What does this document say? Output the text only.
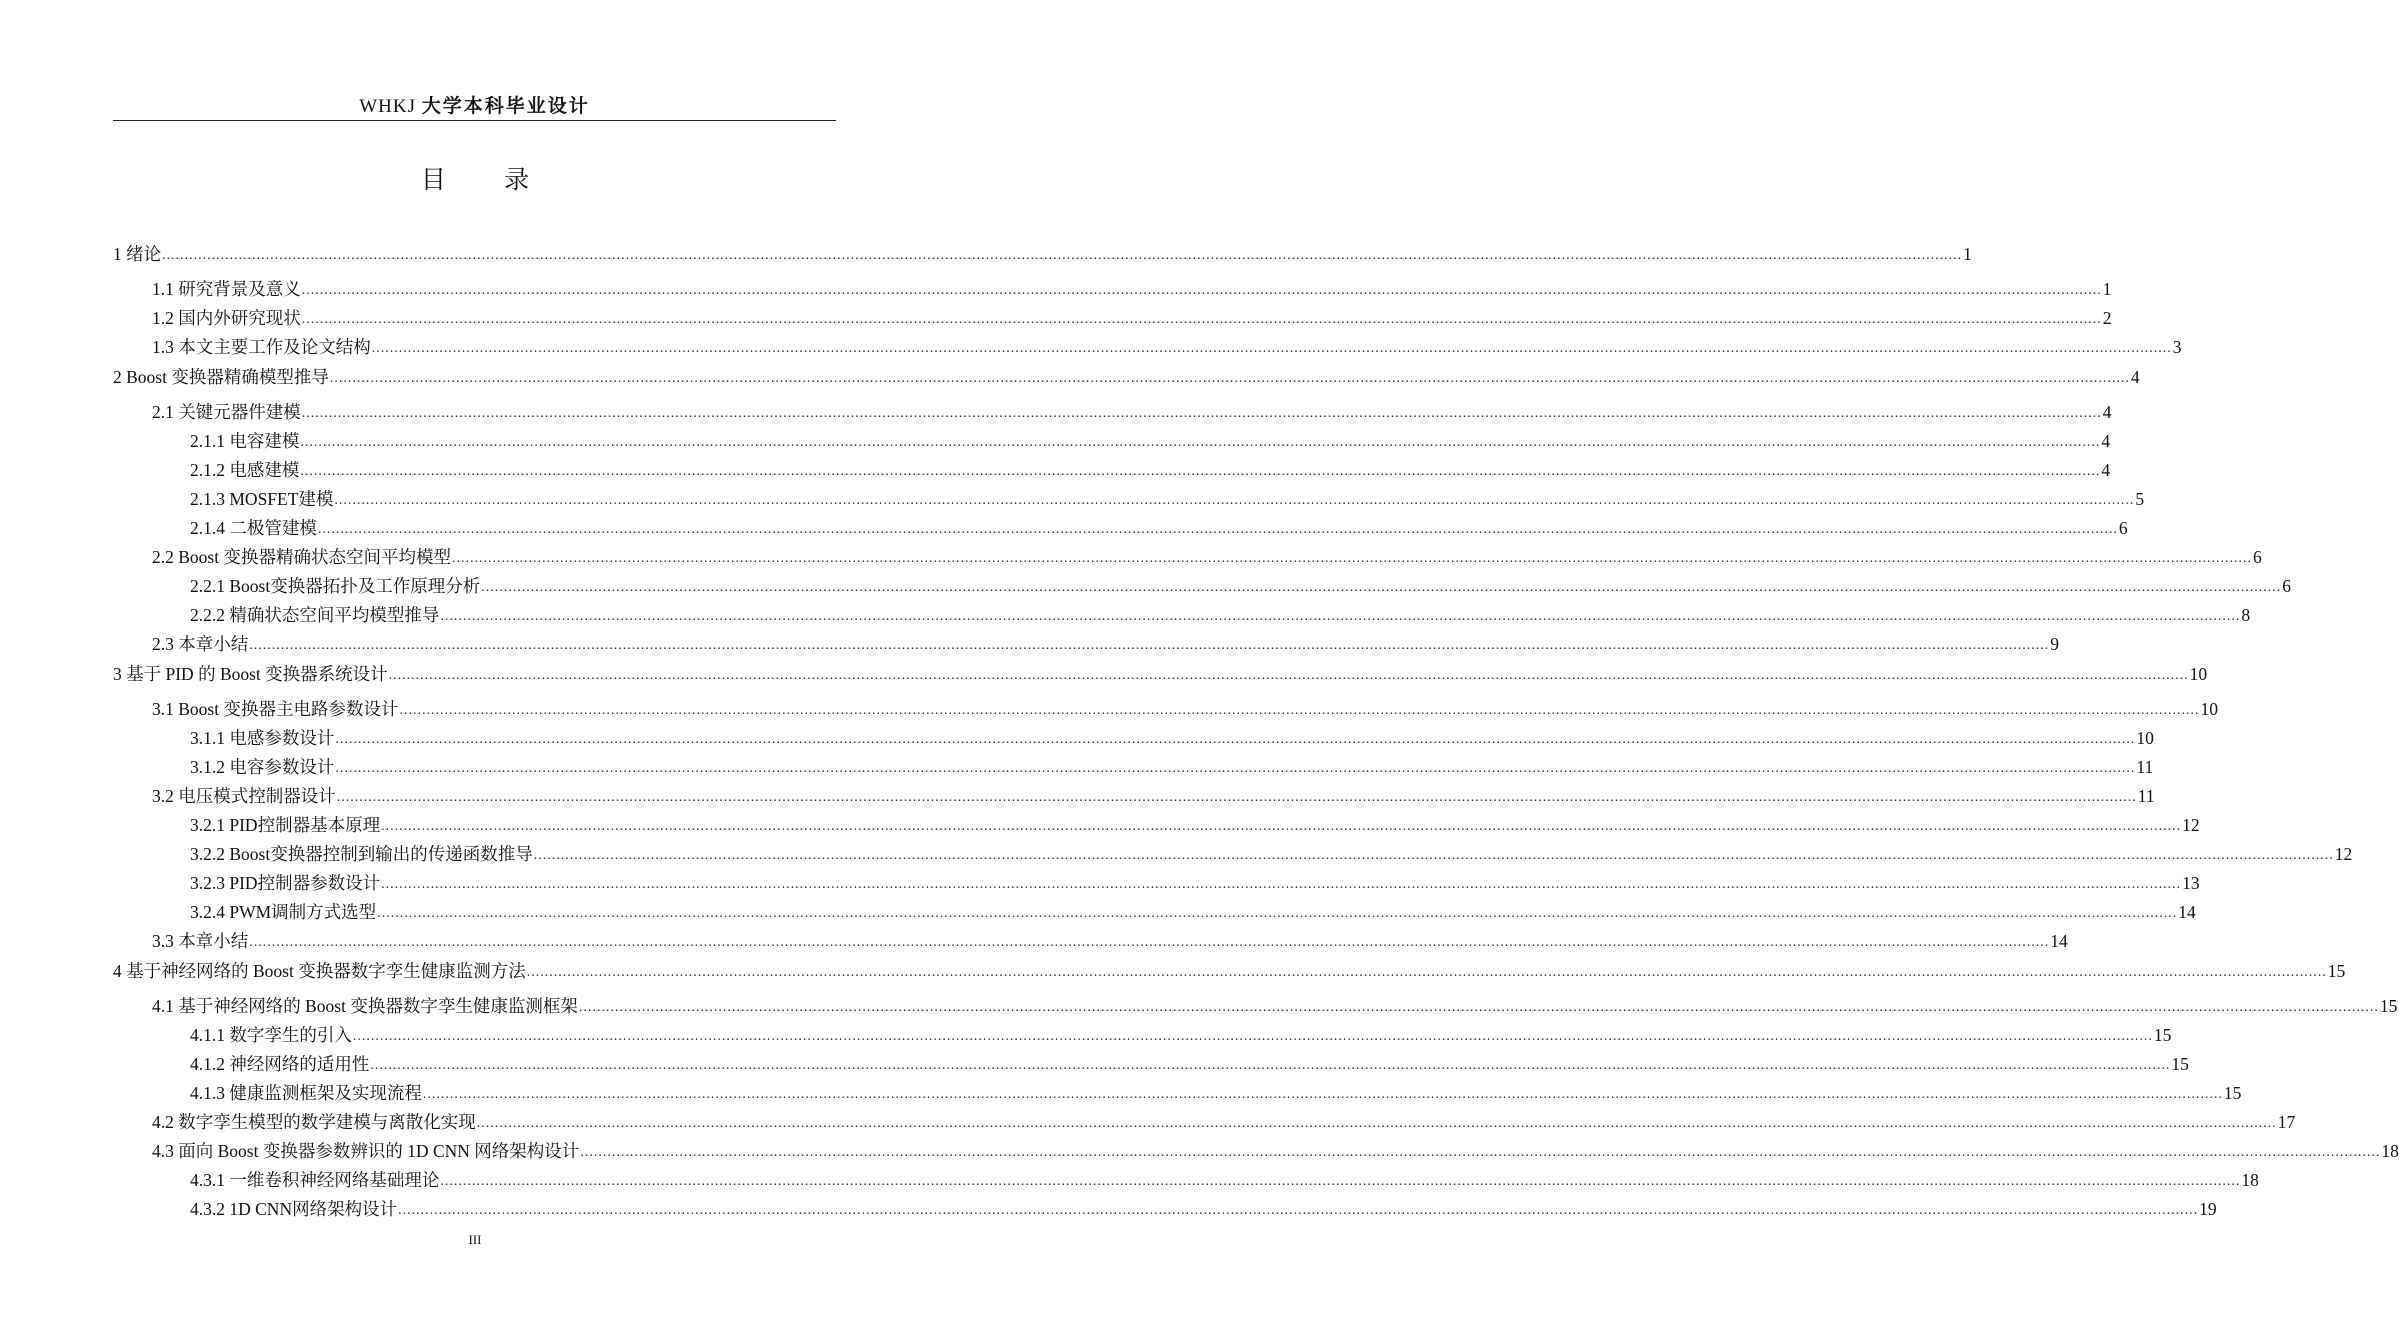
WHKJ 大学本科毕业设计
目 录
1 绪论 ................................................................................................................................................................................................................................................................................................................................................................................................................ 1
1.1 研究背景及意义 ................................................................................................................................................................................................................................................................................................................................................................................................................ 1
1.2 国内外研究现状 ................................................................................................................................................................................................................................................................................................................................................................................................................ 2
1.3 本文主要工作及论文结构 ................................................................................................................................................................................................................................................................................................................................................................................................................ 3
2 Boost 变换器精确模型推导 ................................................................................................................................................................................................................................................................................................................................................................................................................ 4
2.1 关键元器件建模 ................................................................................................................................................................................................................................................................................................................................................................................................................ 4
2.1.1 电容建模 ................................................................................................................................................................................................................................................................................................................................................................................................................ 4
2.1.2 电感建模 ................................................................................................................................................................................................................................................................................................................................................................................................................ 4
2.1.3 MOSFET建模 ................................................................................................................................................................................................................................................................................................................................................................................................................ 5
2.1.4 二极管建模 ................................................................................................................................................................................................................................................................................................................................................................................................................ 6
2.2 Boost 变换器精确状态空间平均模型 ................................................................................................................................................................................................................................................................................................................................................................................................................ 6
2.2.1 Boost变换器拓扑及工作原理分析 ................................................................................................................................................................................................................................................................................................................................................................................................................ 6
2.2.2 精确状态空间平均模型推导 ................................................................................................................................................................................................................................................................................................................................................................................................................ 8
2.3 本章小结 ................................................................................................................................................................................................................................................................................................................................................................................................................ 9
3 基于 PID 的 Boost 变换器系统设计 ................................................................................................................................................................................................................................................................................................................................................................................................................ 10
3.1 Boost 变换器主电路参数设计 ................................................................................................................................................................................................................................................................................................................................................................................................................ 10
3.1.1 电感参数设计 ................................................................................................................................................................................................................................................................................................................................................................................................................ 10
3.1.2 电容参数设计 ................................................................................................................................................................................................................................................................................................................................................................................................................ 11
3.2 电压模式控制器设计 ................................................................................................................................................................................................................................................................................................................................................................................................................ 11
3.2.1 PID控制器基本原理 ................................................................................................................................................................................................................................................................................................................................................................................................................ 12
3.2.2 Boost变换器控制到输出的传递函数推导 ................................................................................................................................................................................................................................................................................................................................................................................................................ 12
3.2.3 PID控制器参数设计 ................................................................................................................................................................................................................................................................................................................................................................................................................ 13
3.2.4 PWM调制方式选型 ................................................................................................................................................................................................................................................................................................................................................................................................................ 14
3.3 本章小结 ................................................................................................................................................................................................................................................................................................................................................................................................................ 14
4 基于神经网络的 Boost 变换器数字孪生健康监测方法 ................................................................................................................................................................................................................................................................................................................................................................................................................ 15
4.1 基于神经网络的 Boost 变换器数字孪生健康监测框架 ................................................................................................................................................................................................................................................................................................................................................................................................................ 15
4.1.1 数字孪生的引入 ................................................................................................................................................................................................................................................................................................................................................................................................................ 15
4.1.2 神经网络的适用性 ................................................................................................................................................................................................................................................................................................................................................................................................................ 15
4.1.3 健康监测框架及实现流程 ................................................................................................................................................................................................................................................................................................................................................................................................................ 15
4.2 数字孪生模型的数学建模与离散化实现 ................................................................................................................................................................................................................................................................................................................................................................................................................ 17
4.3 面向 Boost 变换器参数辨识的 1D CNN 网络架构设计 ................................................................................................................................................................................................................................................................................................................................................................................................................ 18
4.3.1 一维卷积神经网络基础理论 ................................................................................................................................................................................................................................................................................................................................................................................................................ 18
4.3.2 1D CNN网络架构设计 ................................................................................................................................................................................................................................................................................................................................................................................................................ 19
III
